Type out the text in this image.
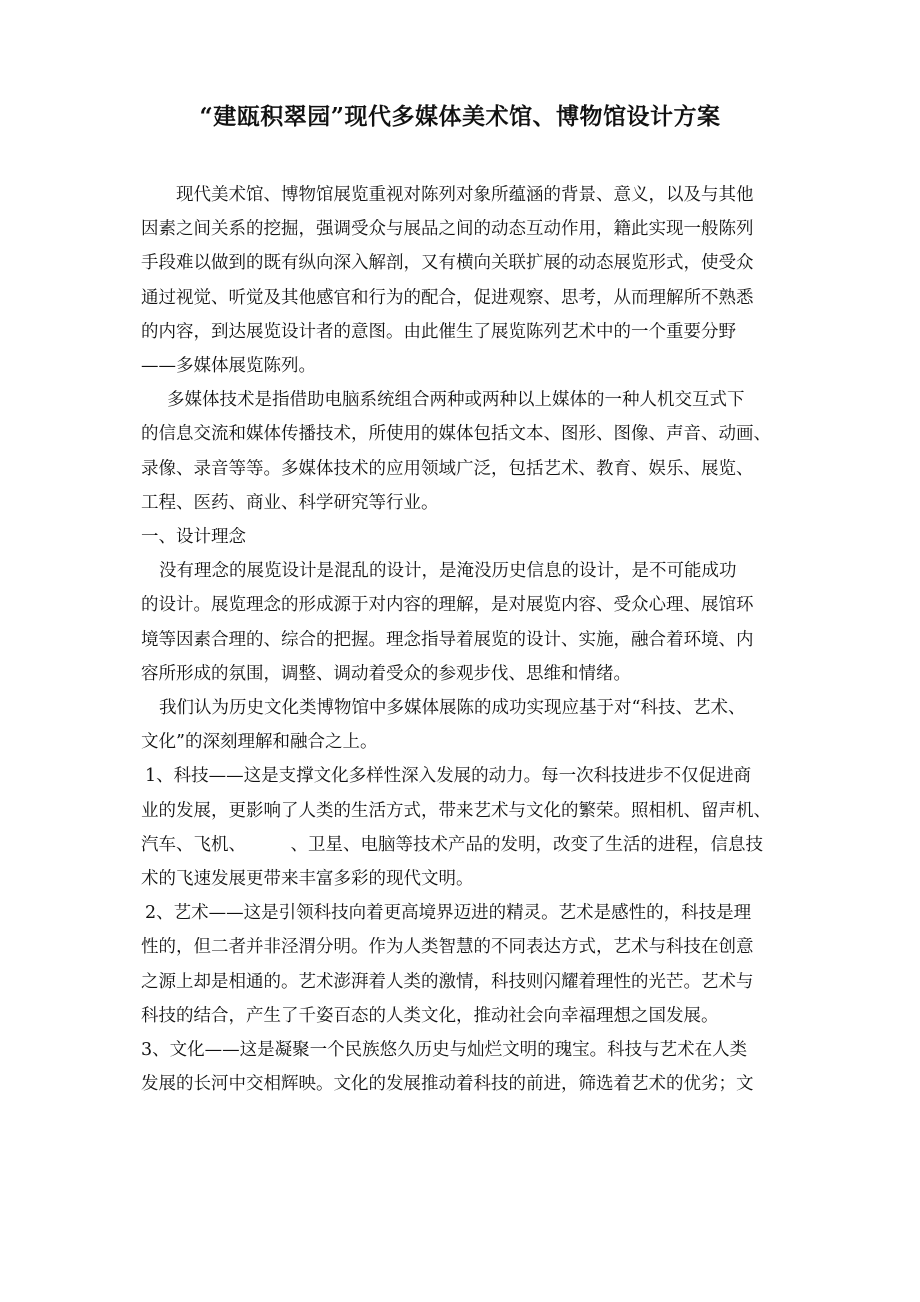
“建瓯积翠园”现代多媒体美术馆、博物馆设计方案

现代美术馆、博物馆展览重视对陈列对象所蕴涵的背景、意义，以及与其他
因素之间关系的挖掘，强调受众与展品之间的动态互动作用，籍此实现一般陈列
手段难以做到的既有纵向深入解剖，又有横向关联扩展的动态展览形式，使受众
通过视觉、听觉及其他感官和行为的配合，促进观察、思考，从而理解所不熟悉
的内容，到达展览设计者的意图。由此催生了展览陈列艺术中的一个重要分野
——多媒体展览陈列。

多媒体技术是指借助电脑系统组合两种或两种以上媒体的一种人机交互式下
的信息交流和媒体传播技术，所使用的媒体包括文本、图形、图像、声音、动画、
录像、录音等等。多媒体技术的应用领域广泛，包括艺术、教育、娱乐、展览、
工程、医药、商业、科学研究等行业。

一、设计理念

没有理念的展览设计是混乱的设计，是淹没历史信息的设计，是不可能成功
的设计。展览理念的形成源于对内容的理解，是对展览内容、受众心理、展馆环
境等因素合理的、综合的把握。理念指导着展览的设计、实施，融合着环境、内
容所形成的氛围，调整、调动着受众的参观步伐、思维和情绪。

我们认为历史文化类博物馆中多媒体展陈的成功实现应基于对“科技、艺术、
文化”的深刻理解和融合之上。

1、科技——这是支撑文化多样性深入发展的动力。每一次科技进步不仅促进商
业的发展，更影响了人类的生活方式，带来艺术与文化的繁荣。照相机、留声机、
汽车、飞机、        、卫星、电脑等技术产品的发明，改变了生活的进程，信息技
术的飞速发展更带来丰富多彩的现代文明。

2、艺术——这是引领科技向着更高境界迈进的精灵。艺术是感性的，科技是理
性的，但二者并非泾渭分明。作为人类智慧的不同表达方式，艺术与科技在创意
之源上却是相通的。艺术澎湃着人类的激情，科技则闪耀着理性的光芒。艺术与
科技的结合，产生了千姿百态的人类文化，推动社会向幸福理想之国发展。

3、文化——这是凝聚一个民族悠久历史与灿烂文明的瑰宝。科技与艺术在人类
发展的长河中交相辉映。文化的发展推动着科技的前进，筛选着艺术的优劣；文
